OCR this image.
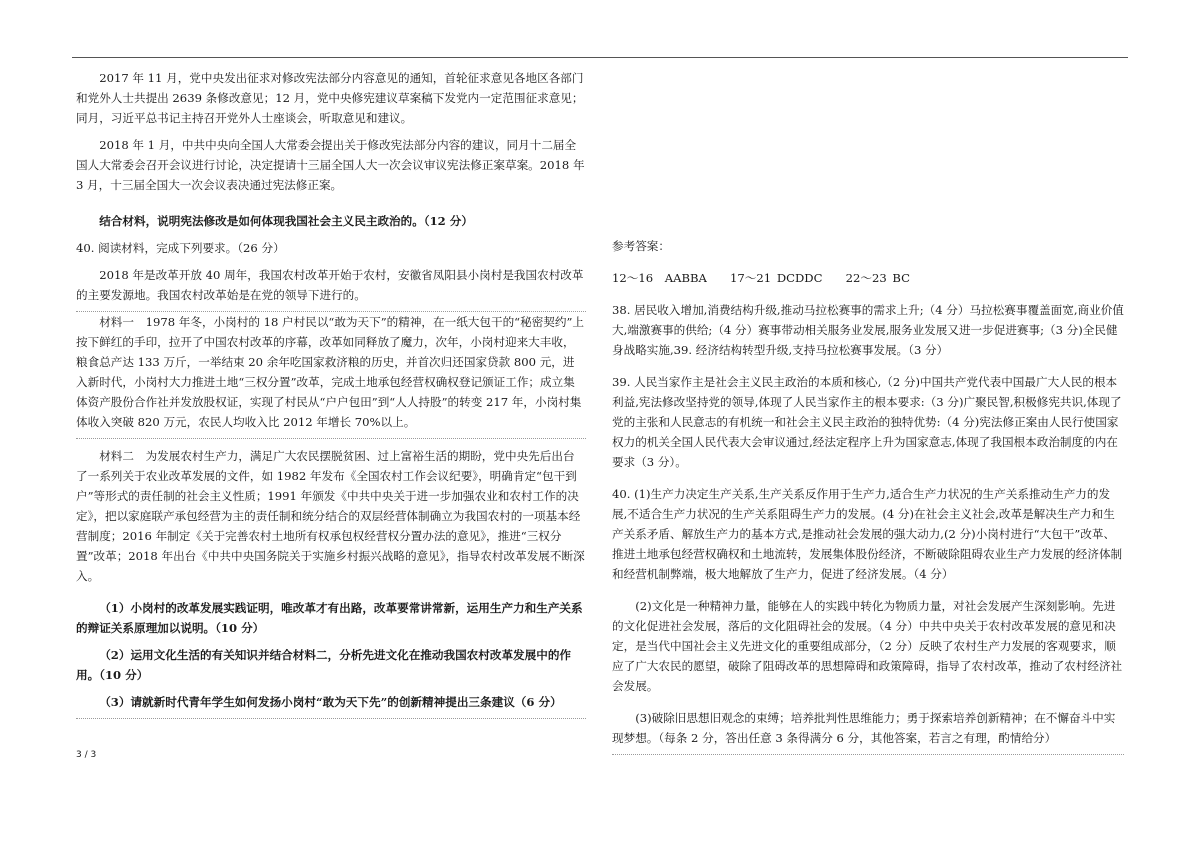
2017 年 11 月，党中央发出征求对修改宪法部分内容意见的通知，首轮征求意见各地区各部门和党外人士共提出 2639 条修改意见；12 月，党中央修宪建议草案稿下发党内一定范围征求意见；同月，习近平总书记主持召开党外人士座谈会，听取意见和建议。

2018 年 1 月，中共中央向全国人大常委会提出关于修改宪法部分内容的建议，同月十二届全国人大常委会召开会议进行讨论，决定提请十三届全国人大一次会议审议宪法修正案草案。2018 年 3 月，十三届全国大一次会议表决通过宪法修正案。

结合材料，说明宪法修改是如何体现我国社会主义民主政治的。（12 分）

40. 阅读材料，完成下列要求。（26 分）

2018 年是改革开放 40 周年，我国农村改革开始于农村，安徽省凤阳县小岗村是我国农村改革的主要发源地。我国农村改革始是在党的领导下进行的。

材料一　1978 年冬，小岗村的 18 户村民以“敢为天下”的精神，在一纸大包干的“秘密契约”上按下鲜红的手印，拉开了中国农村改革的序幕，改革如同释放了魔力，次年，小岗村迎来大丰收，粮食总产达 133 万斤，一举结束 20 余年吃国家救济粮的历史，并首次归还国家贷款 800 元，进入新时代，小岗村大力推进土地“三权分置”改革，完成土地承包经营权确权登记颁证工作；成立集体资产股份合作社并发放股权证，实现了村民从“户户包田”到“人人持股”的转变 217 年，小岗村集体收入突破 820 万元，农民人均收入比 2012 年增长 70%以上。

材料二　为发展农村生产力，满足广大农民摆脱贫困、过上富裕生活的期盼，党中央先后出台了一系列关于农业改革发展的文件，如 1982 年发布《全国农村工作会议纪要》，明确肯定“包干到户”等形式的责任制的社会主义性质；1991 年颁发《中共中央关于进一步加强农业和农村工作的决定》，把以家庭联产承包经营为主的责任制和统分结合的双层经营体制确立为我国农村的一项基本经营制度；2016 年制定《关于完善农村土地所有权承包权经营权分置办法的意见》，推进“三权分置”改革；2018 年出台《中共中央国务院关于实施乡村振兴战略的意见》，指导农村改革发展不断深入。

（1）小岗村的改革发展实践证明，唯改革才有出路，改革要常讲常新，运用生产力和生产关系的辩证关系原理加以说明。（10 分）

（2）运用文化生活的有关知识并结合材料二，分析先进文化在推动我国农村改革发展中的作用。（10 分）

（3）请就新时代青年学生如何发扬小岗村“敢为天下先”的创新精神提出三条建议（6 分）

参考答案：

12～16　AABBA　　17～21 DCDDC　　22～23 BC

38. 居民收入增加,消费结构升级,推动马拉松赛事的需求上升;（4 分）马拉松赛事覆盖面宽,商业价值大,端激赛事的供给;（4 分）赛事带动相关服务业发展,服务业发展又进一步促进赛事;（3 分)全民健身战略实施,39. 经济结构转型升级,支持马拉松赛事发展。（3 分）

39. 人民当家作主是社会主义民主政治的本质和核心,（2 分)中国共产党代表中国最广大人民的根本利益,宪法修改坚持党的领导,体现了人民当家作主的根本要求:（3 分)广聚民智,积极修宪共识,体现了党的主张和人民意志的有机统一和社会主义民主政治的独特优势:（4 分)宪法修正案由人民行使国家权力的机关全国人民代表大会审议通过,经法定程序上升为国家意志,体现了我国根本政治制度的内在要求（3 分）。

40. (1)生产力决定生产关系,生产关系反作用于生产力,适合生产力状况的生产关系推动生产力的发展,不适合生产力状况的生产关系阻碍生产力的发展。(4 分)在社会主义社会,改革是解决生产力和生产关系矛盾、解放生产力的基本方式,是推动社会发展的强大动力,(2 分)小岗村进行“大包干”改革、推进土地承包经营权确权和土地流转，发展集体股份经济，不断破除阻碍农业生产力发展的经济体制和经营机制弊端，极大地解放了生产力，促进了经济发展。（4 分）

(2)文化是一种精神力量，能够在人的实践中转化为物质力量，对社会发展产生深刻影响。先进的文化促进社会发展，落后的文化阻碍社会的发展。（4 分）中共中央关于农村改革发展的意见和决定，是当代中国社会主义先进文化的重要组成部分，（2 分）反映了农村生产力发展的客观要求，顺应了广大农民的愿望，破除了阻碍改革的思想障碍和政策障碍，指导了农村改革，推动了农村经济社会发展。

(3)破除旧思想旧观念的束缚；培养批判性思维能力；勇于探索培养创新精神；在不懈奋斗中实现梦想。（每条 2 分，答出任意 3 条得满分 6 分，其他答案，若言之有理，酌情给分）

3 / 3
